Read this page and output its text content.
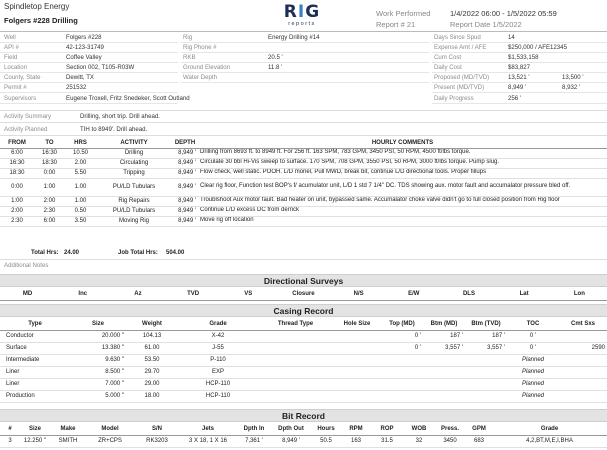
Spindletop Energy
Folgers #228 Drilling	RIG
reports
Work Performed	1/4/2022 06:00 - 1/5/2022 05:59
Report # 21	Report Date 1/5/2022
Well	Folgers #228
API #	42-123-31749
Field	Coffee Valley
Location	Section 002, T105-R03W
County, State	Dewitt, TX
Permit #	251532
Supervisors	Eugene Troxell, Fritz Snedeker, Scott Outland
Rig	Energy Drilling #14
Rig Phone #
RKB	20.5 '
Ground Elevation	11.8 '
Water Depth
Days Since Spud	14
Expense Amt / AFE	$250,000 / AFE12345
Cum Cost	$1,533,158
Daily Cost	$83,827
Proposed (MD/TVD)	13,521 '	13,500 '
Present (MD/TVD)	8,949 '	8,932 '
Daily Progress	256 '
Activity Summary	Drilling, short trip. Drill ahead.
Activity Planned	TIH to 8949'. Drill ahead.
FROM	TO	HRS	ACTIVITY	DEPTH	HOURLY COMMENTS
6:00	16:30	10.50	Drilling	8,949 '	Drilling from 8693 ft. to 8949 ft. For 256 ft. 163 SPM, 783 GPM, 3450 PSI, 50 RPM, 4500 ft/lbs torque.
16:30	18:30	2.00	Circulating	8,949 '	Circulate 30 bbl Hi-Vis sweep to surface. 170 SPM, 708 GPM, 3550 PSI, 50 RPM, 3000 ft/lbs torque. Pump slug.
18:30	0:00	5.50	Tripping	8,949 '	Flow check, well static. POOH. L/D monel, Pull MWD, break bit, continue L/D directional tools. Proper fillups
0:00	1:00	1.00	PU/LD Tubulars	8,949 '	Clear rig floor, Function test BOP's f/ acumulator unit, L/D 1 std 7 1/4" DC. TDS showing aux. motor fault and accumalator pressure bled off.
1:00	2:00	1.00	Rig Repairs	8,949 '	Troublshoot Aux motor fault. Bad heater on unit, bypassed same. Accumalator choke valve didn't go to full closed position from Rig floor
2:00	2:30	0.50	PU/LD Tubulars	8,949 '	Continue L/D excess DC from derrick
2:30	6:00	3.50	Moving Rig	8,949 '	Move rig off location
Total Hrs: 24.00	Job Total Hrs: 504.00
Additional Notes
Directional Surveys
MD	Inc	Az	TVD	VS	Closure	N/S	E/W	DLS	Lat	Lon
Casing Record
Type	Size	Weight	Grade	Thread Type	Hole Size	Top (MD)	Btm (MD)	Btm (TVD)	TOC	Cmt Sxs
Conductor	20.000 "	104.13	X-42			0 '	187 '	187 '	0 '	
Surface	13.380 "	61.00	J-55			0 '	3,557 '	3,557 '	0 '	2590
Intermediate	9.630 "	53.50	P-110						Planned	
Liner	8.500 "	29.70	EXP						Planned	
Liner	7.000 "	29.00	HCP-110						Planned	
Production	5.000 "	18.00	HCP-110						Planned	
Bit Record
#	Size	Make	Model	S/N	Jets	Dpth In	Dpth Out	Hours	RPM	ROP	WOB	Press.	GPM	Grade
3	12.250 "	SMITH	ZR+CPS	RK3203	3 X 18, 1 X 16	7,361 '	8,949 '	50.5	163	31.5	32	3450	683	4,2,BT,M,E,I,BHA
